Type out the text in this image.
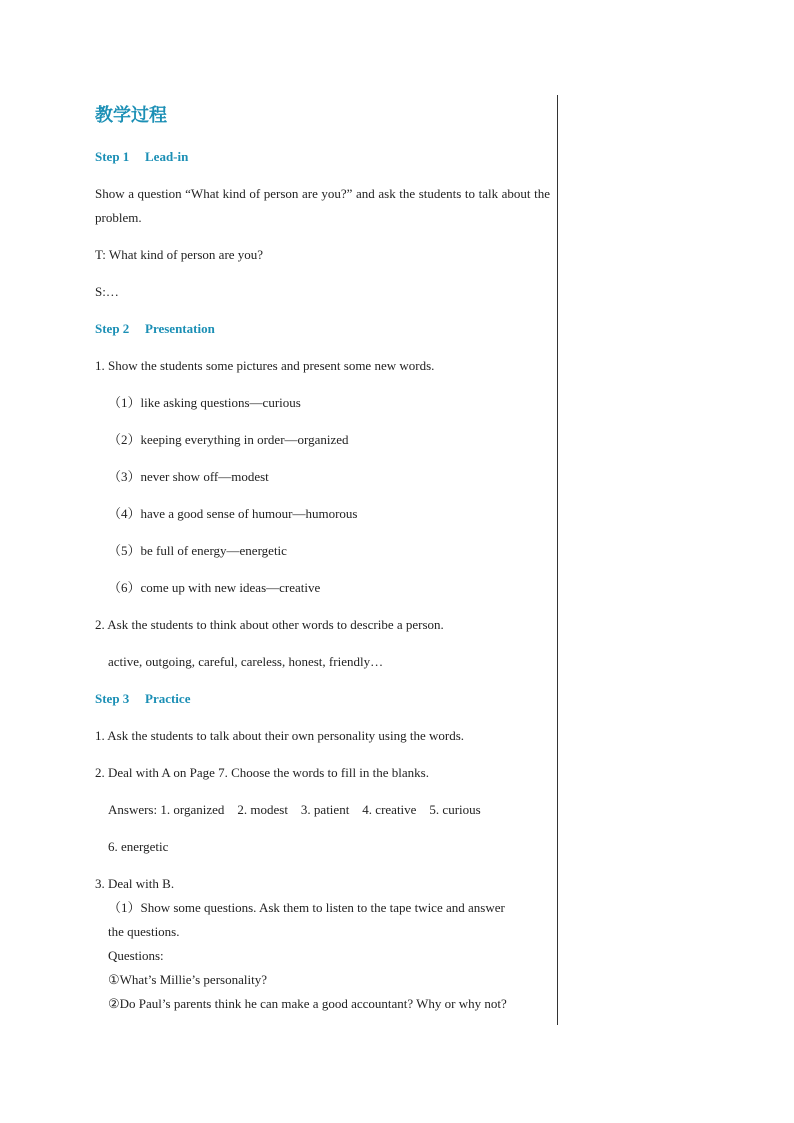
教学过程
Step 1 Lead-in

Show a question “What kind of person are you?” and ask the students to talk about the problem.

T: What kind of person are you?

S:…

Step 2 Presentation

1. Show the students some pictures and present some new words.

（1）like asking questions—curious

（2）keeping everything in order—organized

（3）never show off—modest

（4）have a good sense of humour—humorous

（5）be full of energy—energetic

（6）come up with new ideas—creative

2. Ask the students to think about other words to describe a person.

active, outgoing, careful, careless, honest, friendly…

Step 3 Practice

1. Ask the students to talk about their own personality using the words.

2. Deal with A on Page 7. Choose the words to fill in the blanks.

Answers: 1. organized    2. modest    3. patient    4. creative    5. curious

6. energetic

3. Deal with B.

（1）Show some questions. Ask them to listen to the tape twice and answer
the questions.
Questions:
①What’s Millie’s personality?
②Do Paul’s parents think he can make a good accountant? Why or why not?
